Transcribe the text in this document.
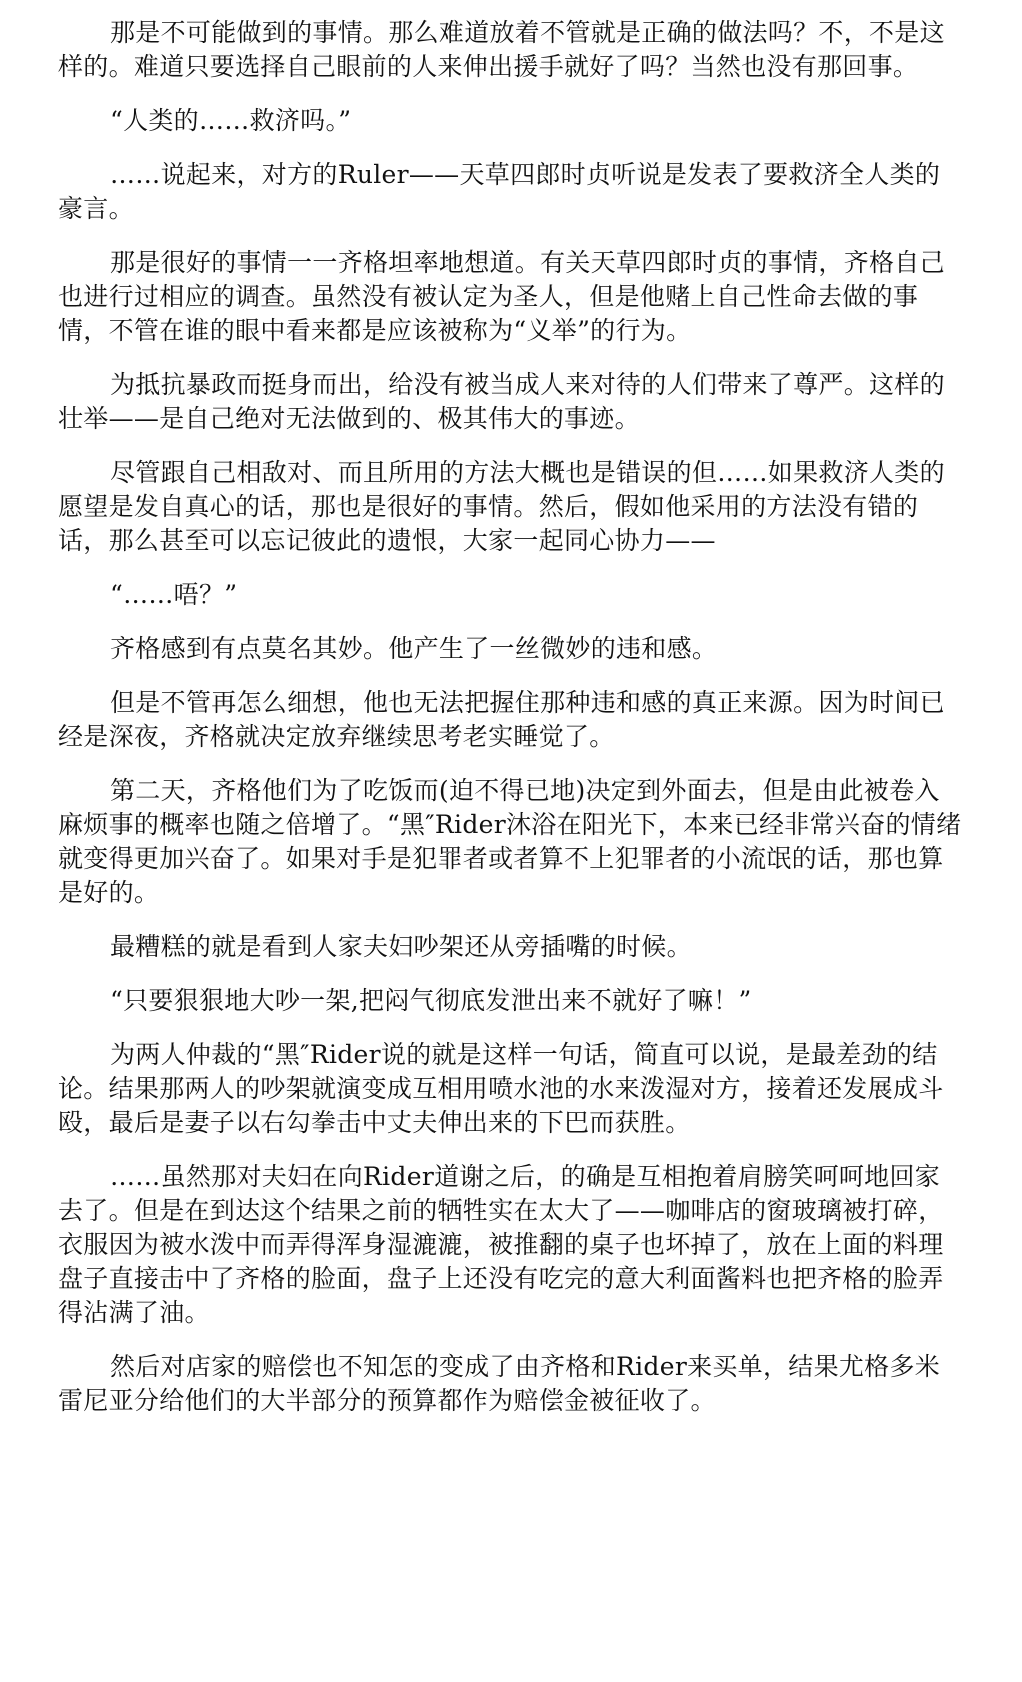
那是不可能做到的事情。那么难道放着不管就是正确的做法吗？不，不是这样的。难道只要选择自己眼前的人来伸出援手就好了吗？当然也没有那回事。

“人类的……救济吗。”

……说起来，对方的Ruler——天草四郎时贞听说是发表了要救济全人类的豪言。

那是很好的事情一一齐格坦率地想道。有关天草四郎时贞的事情，齐格自己也进行过相应的调查。虽然没有被认定为圣人，但是他赌上自己性命去做的事情，不管在谁的眼中看来都是应该被称为“义举”的行为。

为抵抗暴政而挺身而出，给没有被当成人来对待的人们带来了尊严。这样的壮举——是自己绝对无法做到的、极其伟大的事迹。

尽管跟自己相敌对、而且所用的方法大概也是错误的但……如果救济人类的愿望是发自真心的话，那也是很好的事情。然后，假如他采用的方法没有错的话，那么甚至可以忘记彼此的遗恨，大家一起同心协力——

“……唔？”

齐格感到有点莫名其妙。他产生了一丝微妙的违和感。

但是不管再怎么细想，他也无法把握住那种违和感的真正来源。因为时间已经是深夜，齐格就决定放弃继续思考老实睡觉了。

第二天，齐格他们为了吃饭而(迫不得已地)决定到外面去，但是由此被卷入麻烦事的概率也随之倍增了。“黑″Rider沐浴在阳光下，本来已经非常兴奋的情绪就变得更加兴奋了。如果对手是犯罪者或者算不上犯罪者的小流氓的话，那也算是好的。

最糟糕的就是看到人家夫妇吵架还从旁插嘴的时候。

“只要狠狠地大吵一架,把闷气彻底发泄出来不就好了嘛！”

为两人仲裁的“黑″Rider说的就是这样一句话，简直可以说，是最差劲的结论。结果那两人的吵架就演变成互相用喷水池的水来泼湿对方，接着还发展成斗殴，最后是妻子以右勾拳击中丈夫伸出来的下巴而获胜。

……虽然那对夫妇在向Rider道谢之后，的确是互相抱着肩膀笑呵呵地回家去了。但是在到达这个结果之前的牺牲实在太大了——咖啡店的窗玻璃被打碎，衣服因为被水泼中而弄得浑身湿漉漉，被推翻的桌子也坏掉了，放在上面的料理盘子直接击中了齐格的脸面，盘子上还没有吃完的意大利面酱料也把齐格的脸弄得沾满了油。

然后对店家的赔偿也不知怎的变成了由齐格和Rider来买单，结果尤格多米雷尼亚分给他们的大半部分的预算都作为赔偿金被征收了。
